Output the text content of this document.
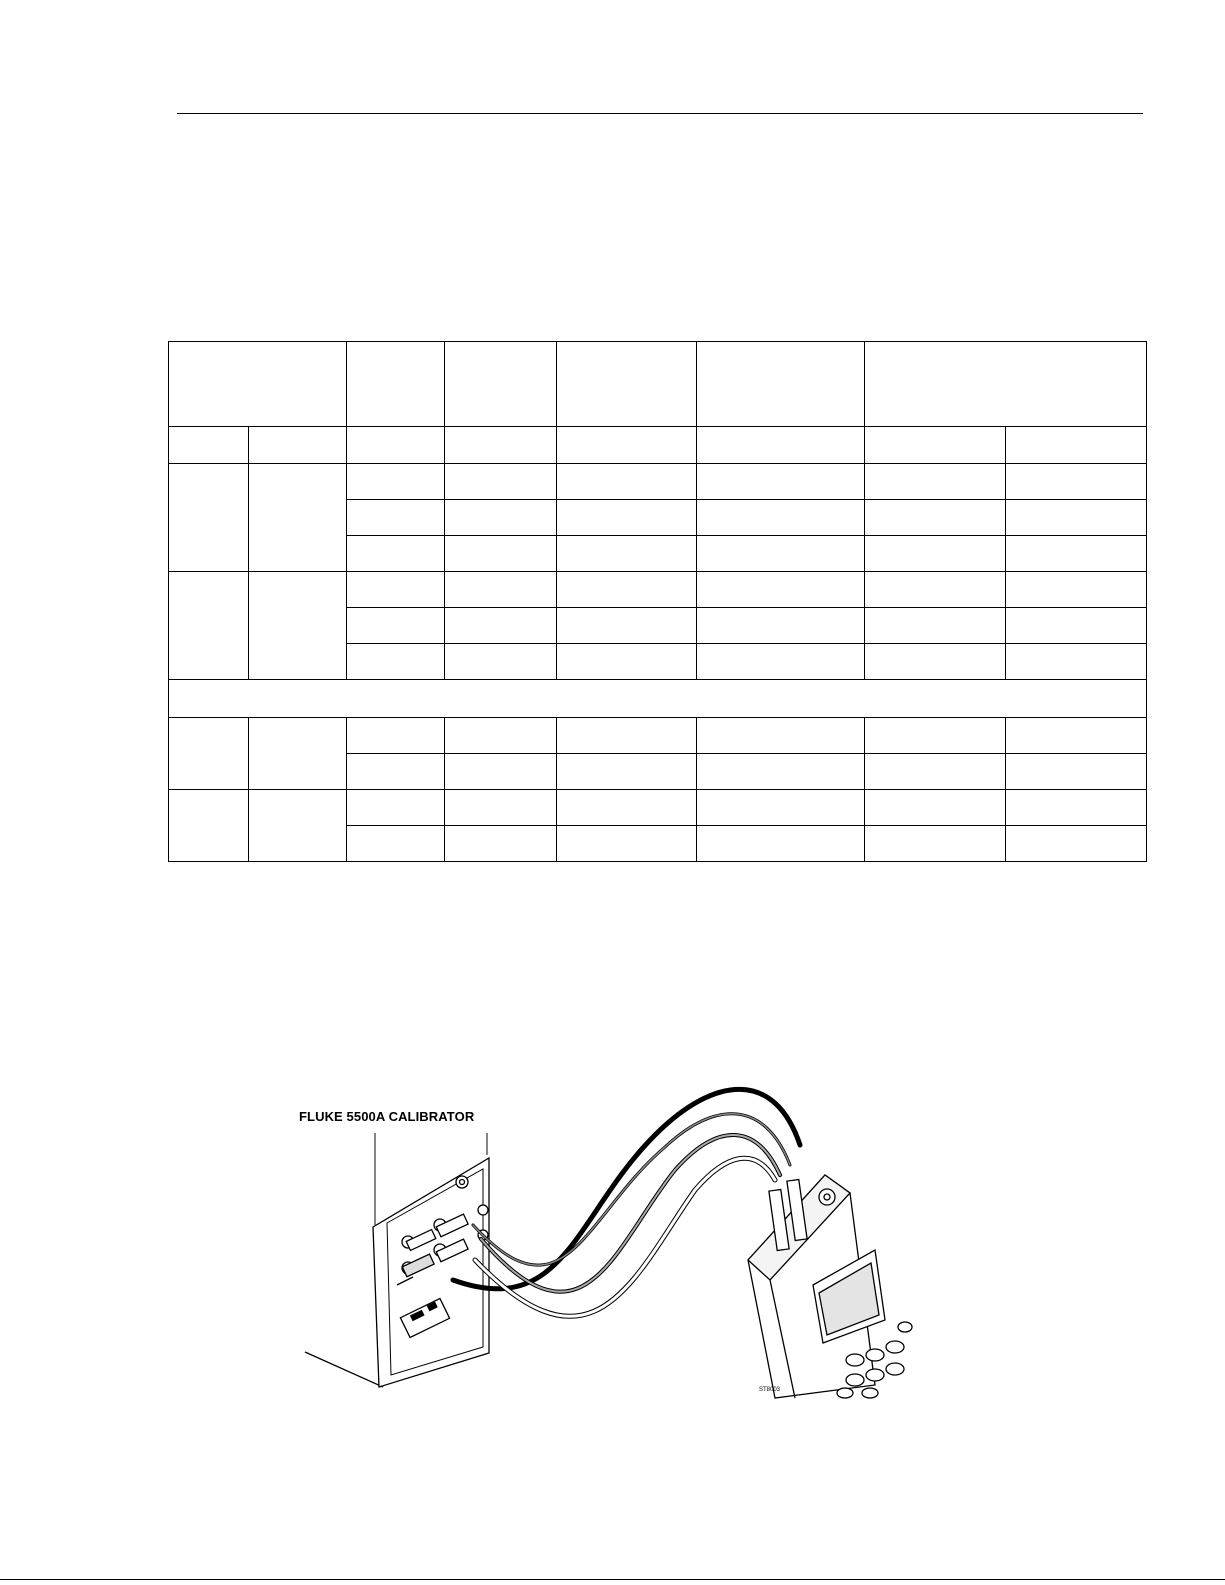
FLUKE 5500A CALIBRATOR
ST8003
